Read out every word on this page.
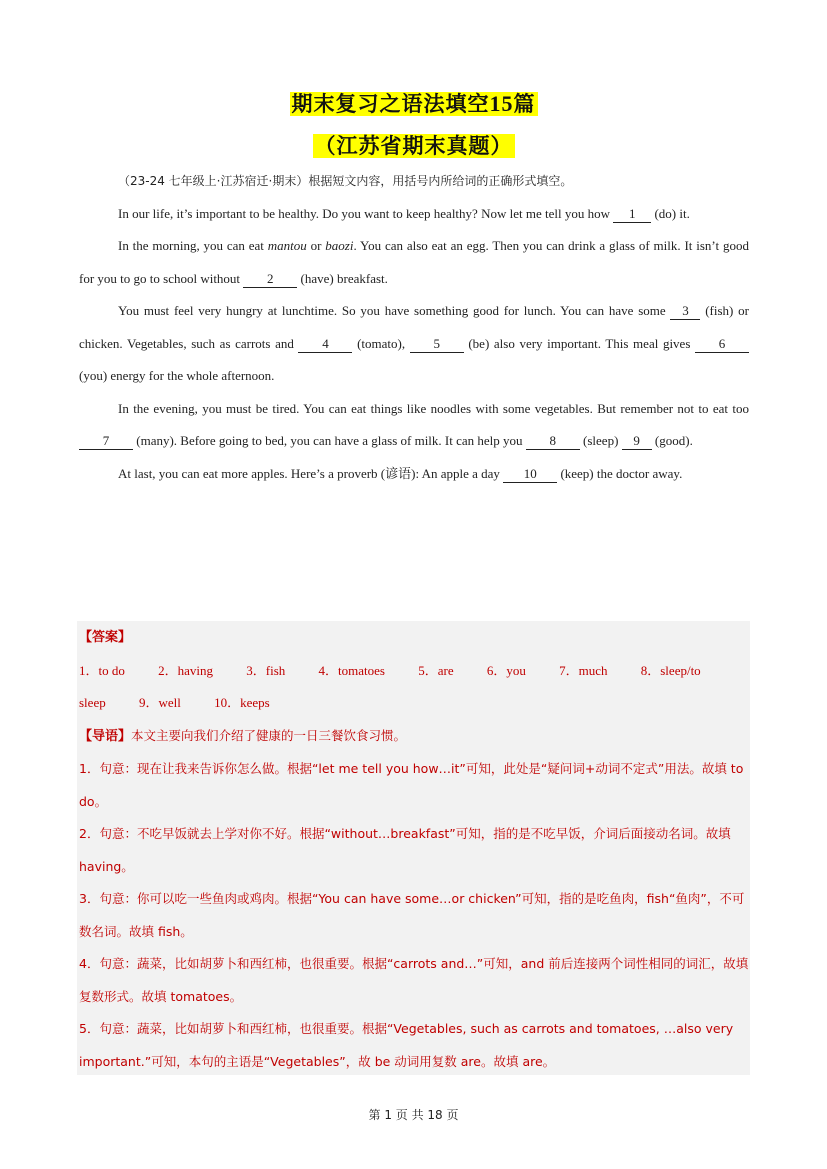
期末复习之语法填空15篇
（江苏省期末真题）

（23-24 七年级上·江苏宿迁·期末）根据短文内容，用括号内所给词的正确形式填空。

In our life, it’s important to be healthy. Do you want to keep healthy? Now let me tell you how 1 (do) it.

In the morning, you can eat mantou or baozi. You can also eat an egg. Then you can drink a glass of milk. It isn’t good for you to go to school without 2 (have) breakfast.

You must feel very hungry at lunchtime. So you have something good for lunch. You can have some 3 (fish) or chicken. Vegetables, such as carrots and 4 (tomato), 5 (be) also very important. This meal gives 6 (you) energy for the whole afternoon.

In the evening, you must be tired. You can eat things like noodles with some vegetables. But remember not to eat too 7 (many). Before going to bed, you can have a glass of milk. It can help you 8 (sleep) 9 (good).

At last, you can eat more apples. Here’s a proverb (谚语): An apple a day 10 (keep) the doctor away.

【答案】

1．to do	2．having	3．fish	4．tomatoes	5．are	6．you	7．much	8．sleep/to sleep	9．well	10．keeps

【导语】本文主要向我们介绍了健康的一日三餐饮食习惯。

1．句意：现在让我来告诉你怎么做。根据“let me tell you how…it”可知，此处是“疑问词+动词不定式”用法。故填 to do。

2．句意：不吃早饭就去上学对你不好。根据“without…breakfast”可知，指的是不吃早饭，介词后面接动名词。故填 having。

3．句意：你可以吃一些鱼肉或鸡肉。根据“You can have some…or chicken”可知，指的是吃鱼肉，fish“鱼肉”，不可数名词。故填 fish。

4．句意：蔬菜，比如胡萝卜和西红柿，也很重要。根据“carrots and…”可知，and 前后连接两个词性相同的词汇，故填复数形式。故填 tomatoes。

5．句意：蔬菜，比如胡萝卜和西红柿，也很重要。根据“Vegetables, such as carrots and tomatoes, …also very important.”可知，本句的主语是“Vegetables”，故 be 动词用复数 are。故填 are。

第 1 页 共 18 页
